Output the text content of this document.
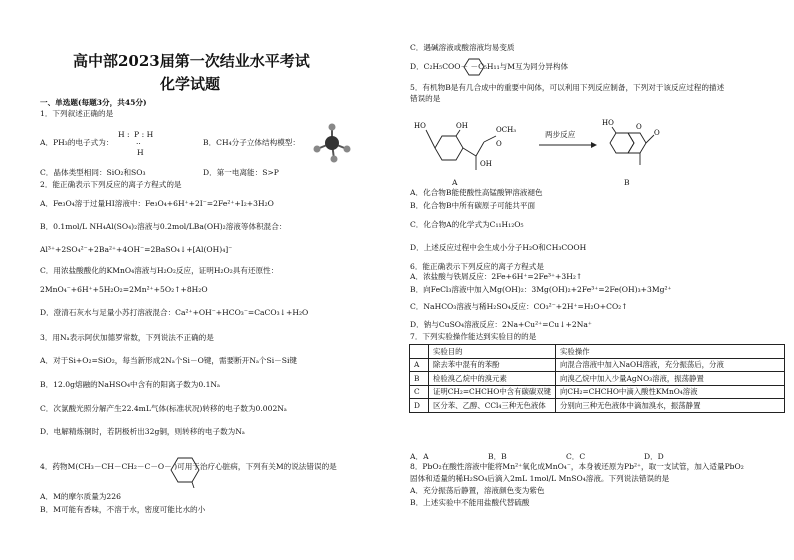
高中部2023届第一次结业水平考试
化学试题
一、单选题(每题3分，共45分)
1．下列叙述正确的是
A．PH₃的电子式为：
H : P : H
··
H
B．CH₄分子立体结构模型：
C．晶体类型相同：SiO₂和SO₃	D．第一电离能：S>P
2．能正确表示下列反应的离子方程式的是
A．Fe₃O₄溶于过量HI溶液中：Fe₃O₄+6H⁺+2I⁻=2Fe²⁺+I₂+3H₂O
B．0.1mol/L NH₄Al(SO₄)₂溶液与0.2mol/LBa(OH)₂溶液等体积混合：
Al³⁺+2SO₄²⁻+2Ba²⁺+4OH⁻=2BaSO₄↓+[Al(OH)₄]⁻
C．用浓盐酸酸化的KMnO₄溶液与H₂O₂反应，证明H₂O₂具有还原性：
2MnO₄⁻+6H⁺+5H₂O₂=2Mn²⁺+5O₂↑+8H₂O
D．澄清石灰水与足量小苏打溶液混合：Ca²⁺+OH⁻+HCO₃⁻=CaCO₃↓+H₂O
3．用Nₐ表示阿伏加德罗常数，下列说法不正确的是
A．对于Si+O₂=SiO₂，每当新形成2Nₐ个Si－O键，需要断开Nₐ个Si－Si键
B．12.0g熔融的NaHSO₄中含有的阳离子数为0.1Nₐ
C．次氯酸光照分解产生22.4mL气体(标准状况)转移的电子数为0.002Nₐ
D．电解精炼铜时，若阴极析出32g铜，则转移的电子数为Nₐ
4．药物M(CH₃－CH－CH₂－C－O－ )可用于治疗心脏病，下列有关M的说法错误的是
A．M的摩尔质量为226
B．M可能有香味，不溶于水，密度可能比水的小
C．遇碱溶液或酸溶液均易变质
D．C₂H₅COO－ －C₅H₁₁与M互为同分异构体
5．有机物B是有几合成中的重要中间体，可以利用下列反应制备，下列对于该反应过程的描述
错误的是
HO	OH	OCH₃
OH
O
A
两步反应
HO	O
O
B
A．化合物B能使酸性高锰酸钾溶液褪色
B．化合物B中所有碳原子可能共平面
C．化合物A的化学式为C₁₁H₁₂O₅
D．上述反应过程中会生成小分子H₂O和CH₃COOH
6．能正确表示下列反应的离子方程式是
A．浓盐酸与铁屑反应：2Fe+6H⁺=2Fe³⁺+3H₂↑
B．向FeCl₃溶液中加入Mg(OH)₂：3Mg(OH)₂+2Fe³⁺=2Fe(OH)₃+3Mg²⁺
C．NaHCO₃溶液与稀H₂SO₄反应：CO₃²⁻+2H⁺=H₂O+CO₂↑
D．钠与CuSO₄溶液反应：2Na+Cu²⁺=Cu↓+2Na⁺
7．下列实验操作能达到实验目的的是
	实验目的	实验操作
A	除去苯中混有的苯酚	向混合溶液中加入NaOH溶液，充分振荡后，分液
B	检验溴乙烷中的溴元素	向溴乙烷中加入少量AgNO₃溶液，振荡静置
C	证明CH₂=CHCHO中含有碳碳双键	向CH₂=CHCHO中滴入酸性KMnO₄溶液
D	区分苯、乙醇、CCl₄三种无色液体	分别向三种无色液体中滴加溴水，振荡静置
A．A	B．B	C．C	D．D
8．PbO₂在酸性溶液中能将Mn²⁺氧化成MnO₄⁻，本身被还原为Pb²⁺，取一支试管，加入适量PbO₂
固体和适量的稀H₂SO₄后滴入2mL 1mol/L MnSO₄溶液。下列说法错误的是
A．充分振荡后静置，溶液颜色变为紫色
B．上述实验中不能用盐酸代替硫酸
